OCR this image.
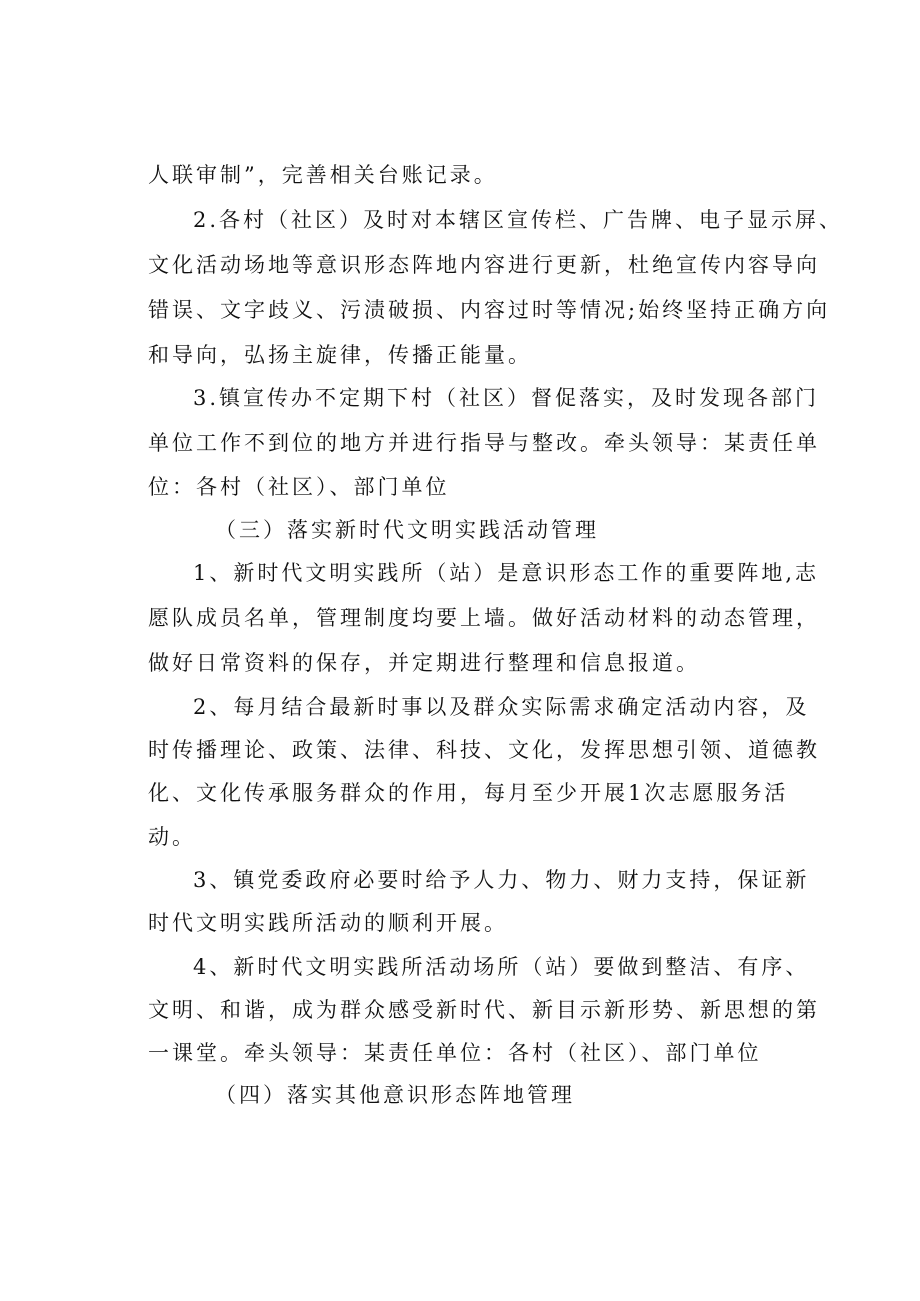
人联审制”，完善相关台账记录。
2.各村（社区）及时对本辖区宣传栏、广告牌、电子显示屏、
文化活动场地等意识形态阵地内容进行更新，杜绝宣传内容导向
错误、文字歧义、污渍破损、内容过时等情况;始终坚持正确方向
和导向，弘扬主旋律，传播正能量。
3.镇宣传办不定期下村（社区）督促落实，及时发现各部门
单位工作不到位的地方并进行指导与整改。牵头领导：某责任单
位：各村（社区）、部门单位
（三）落实新时代文明实践活动管理
1、新时代文明实践所（站）是意识形态工作的重要阵地,志
愿队成员名单，管理制度均要上墙。做好活动材料的动态管理，
做好日常资料的保存，并定期进行整理和信息报道。
2、每月结合最新时事以及群众实际需求确定活动内容，及
时传播理论、政策、法律、科技、文化，发挥思想引领、道德教
化、文化传承服务群众的作用，每月至少开展1次志愿服务活
动。
3、镇党委政府必要时给予人力、物力、财力支持，保证新
时代文明实践所活动的顺利开展。
4、新时代文明实践所活动场所（站）要做到整洁、有序、
文明、和谐，成为群众感受新时代、新目示新形势、新思想的第
一课堂。牵头领导：某责任单位：各村（社区）、部门单位
（四）落实其他意识形态阵地管理
